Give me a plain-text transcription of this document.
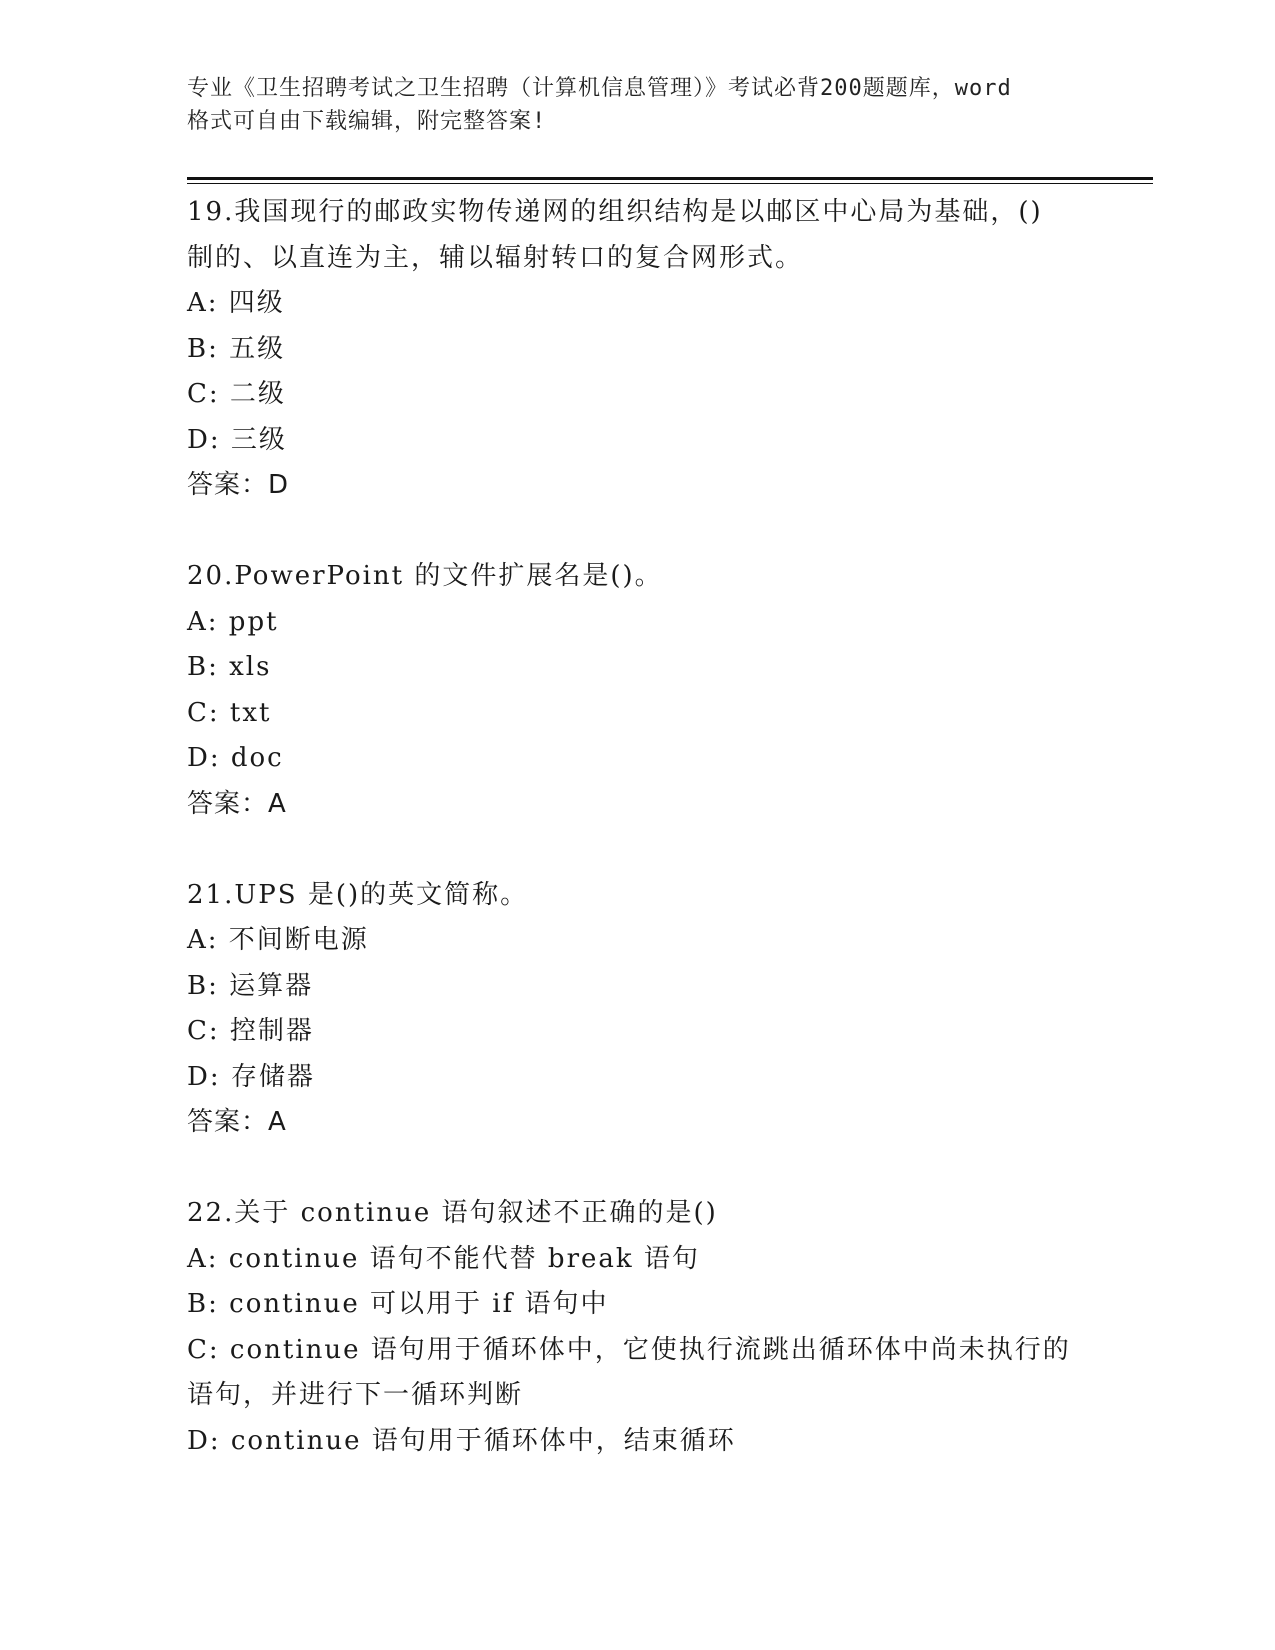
专业《卫生招聘考试之卫生招聘（计算机信息管理）》考试必背200题题库，word
格式可自由下载编辑，附完整答案!
19.我国现行的邮政实物传递网的组织结构是以邮区中心局为基础，()
制的、以直连为主，辅以辐射转口的复合网形式。
A: 四级
B: 五级
C: 二级
D: 三级
答案：D
20.PowerPoint 的文件扩展名是()。
A: ppt
B: xls
C: txt
D: doc
答案：A
21.UPS 是()的英文简称。
A: 不间断电源
B: 运算器
C: 控制器
D: 存储器
答案：A
22.关于 continue 语句叙述不正确的是()
A: continue 语句不能代替 break 语句
B: continue 可以用于 if 语句中
C: continue 语句用于循环体中，它使执行流跳出循环体中尚未执行的
语句，并进行下一循环判断
D: continue 语句用于循环体中，结束循环
